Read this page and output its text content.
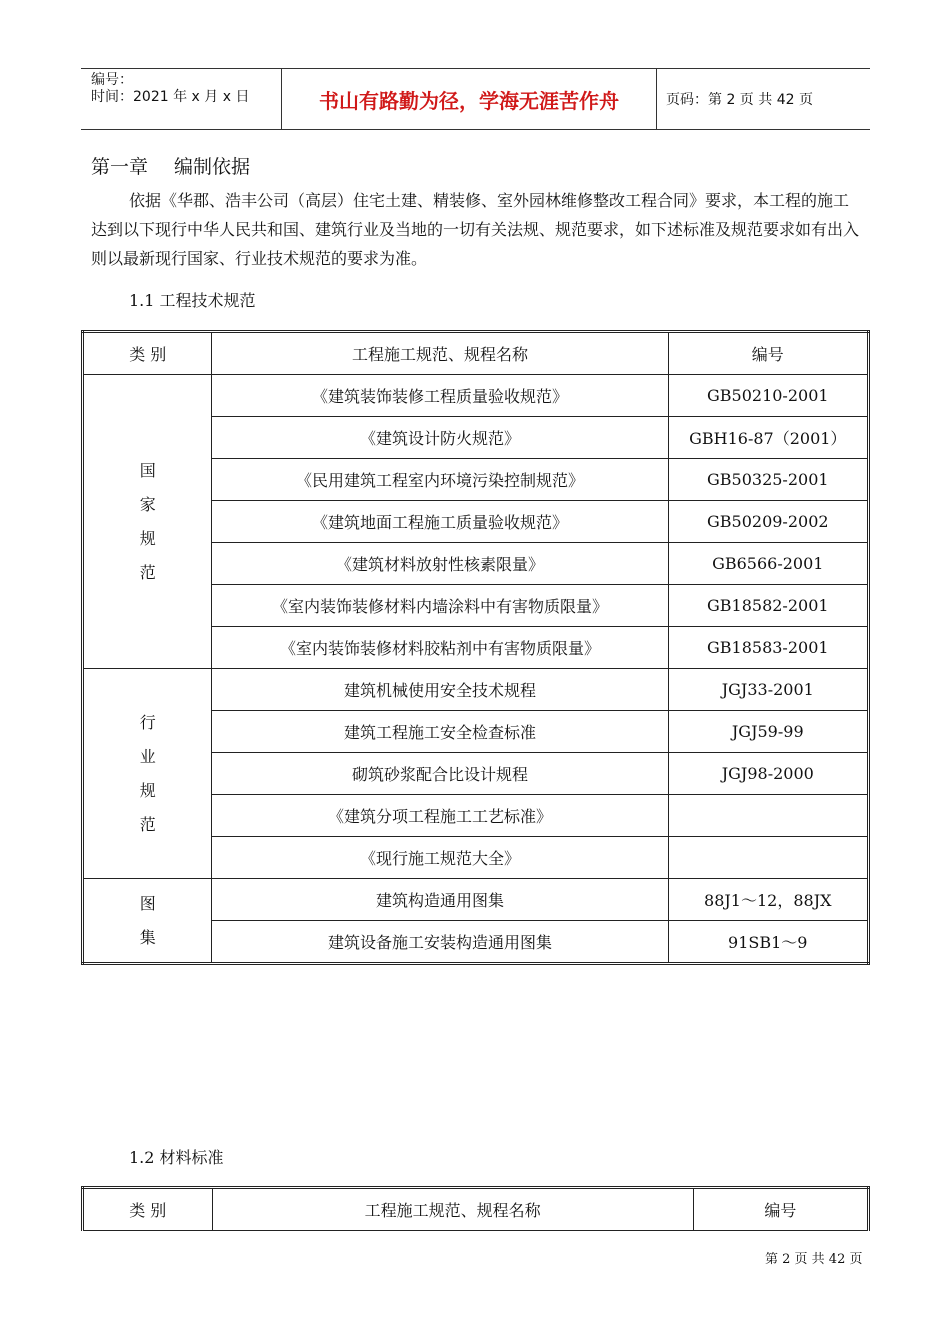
编号：
时间：2021 年 x 月 x 日	书山有路勤为径，学海无涯苦作舟	页码：第 2 页 共 42 页
第一章 编制依据

依据《华郡、浩丰公司（高层）住宅土建、精装修、室外园林维修整改工程合同》要求，本工程的施工达到以下现行中华人民共和国、建筑行业及当地的一切有关法规、规范要求，如下述标准及规范要求如有出入则以最新现行国家、行业技术规范的要求为准。

1.1 工程技术规范
类 别	工程施工规范、规程名称	编号

国
家
规
范	《建筑装饰装修工程质量验收规范》	GB50210-2001
	《建筑设计防火规范》	GBH16-87（2001）
	《民用建筑工程室内环境污染控制规范》	GB50325-2001
	《建筑地面工程施工质量验收规范》	GB50209-2002
	《建筑材料放射性核素限量》	GB6566-2001
	《室内装饰装修材料内墙涂料中有害物质限量》	GB18582-2001
	《室内装饰装修材料胶粘剂中有害物质限量》	GB18583-2001

行
业
规
范	建筑机械使用安全技术规程	JGJ33-2001
	建筑工程施工安全检查标准	JGJ59-99
	砌筑砂浆配合比设计规程	JGJ98-2000
	《建筑分项工程施工工艺标准》	
	《现行施工规范大全》	

图
集	建筑构造通用图集	88J1～12，88JX
	建筑设备施工安装构造通用图集	91SB1～9
1.2 材料标准
类 别	工程施工规范、规程名称	编号
第 2 页 共 42 页
